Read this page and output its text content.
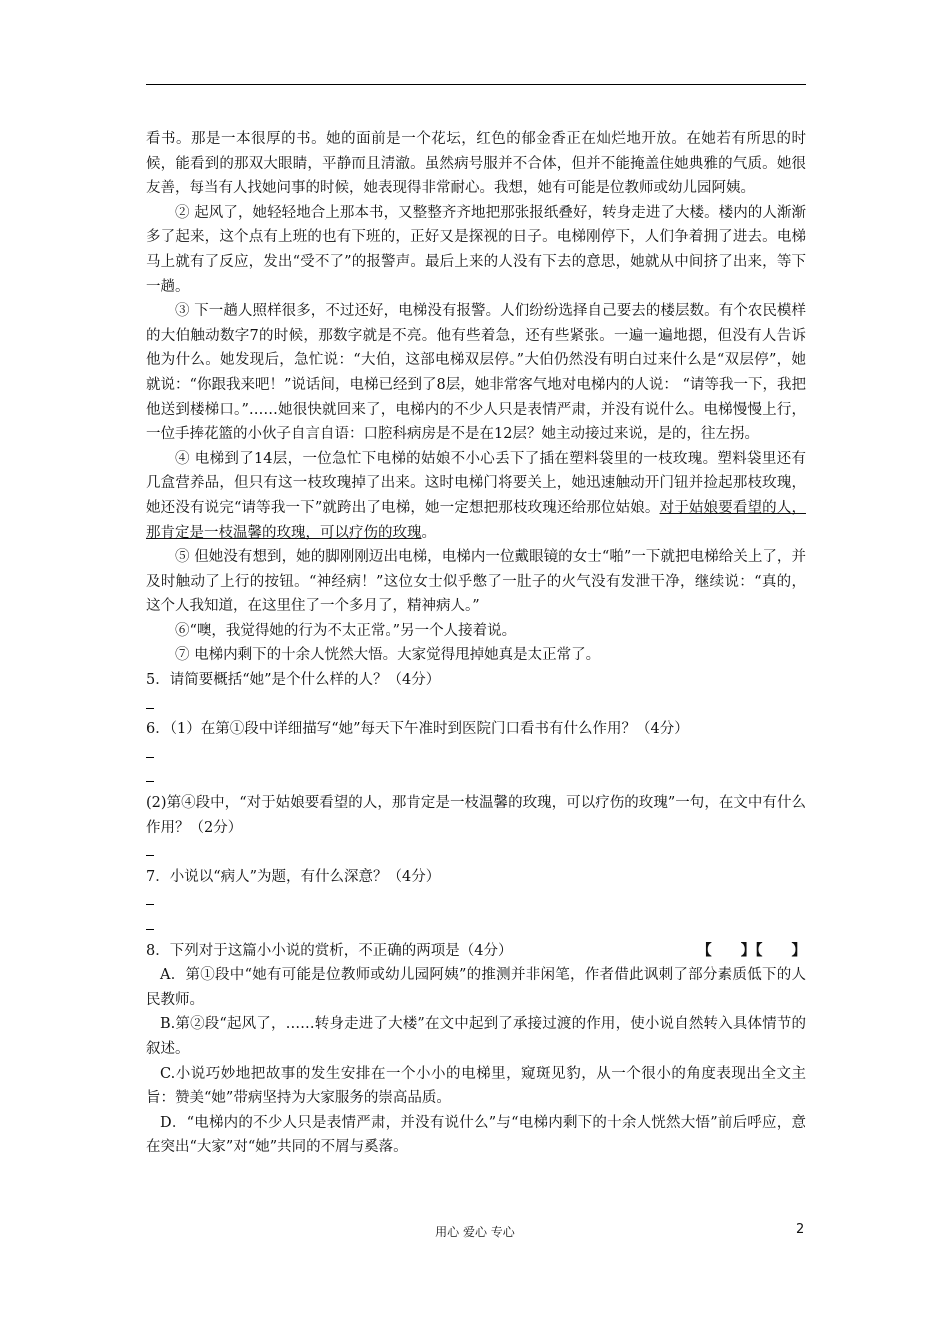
看书。那是一本很厚的书。她的面前是一个花坛，红色的郁金香正在灿烂地开放。在她若有所思的时候，能看到的那双大眼睛，平静而且清澈。虽然病号服并不合体，但并不能掩盖住她典雅的气质。她很友善，每当有人找她问事的时候，她表现得非常耐心。我想，她有可能是位教师或幼儿园阿姨。

② 起风了，她轻轻地合上那本书，又整整齐齐地把那张报纸叠好，转身走进了大楼。楼内的人渐渐多了起来，这个点有上班的也有下班的，正好又是探视的日子。电梯刚停下，人们争着拥了进去。电梯马上就有了反应，发出“受不了”的报警声。最后上来的人没有下去的意思，她就从中间挤了出来，等下一趟。

③ 下一趟人照样很多，不过还好，电梯没有报警。人们纷纷选择自己要去的楼层数。有个农民模样的大伯触动数字7的时候，那数字就是不亮。他有些着急，还有些紧张。一遍一遍地摁，但没有人告诉他为什么。她发现后，急忙说：“大伯，这部电梯双层停。”大伯仍然没有明白过来什么是“双层停”，她就说：“你跟我来吧！”说话间，电梯已经到了8层，她非常客气地对电梯内的人说： “请等我一下，我把他送到楼梯口。”……她很快就回来了，电梯内的不少人只是表情严肃，并没有说什么。电梯慢慢上行，一位手捧花篮的小伙子自言自语：口腔科病房是不是在12层？她主动接过来说，是的，往左拐。

④ 电梯到了14层，一位急忙下电梯的姑娘不小心丢下了插在塑料袋里的一枝玫瑰。塑料袋里还有几盒营养品，但只有这一枝玫瑰掉了出来。这时电梯门将要关上，她迅速触动开门钮并捡起那枝玫瑰，她还没有说完“请等我一下”就跨出了电梯，她一定想把那枝玫瑰还给那位姑娘。对于姑娘要看望的人，那肯定是一枝温馨的玫瑰，可以疗伤的玫瑰。

⑤ 但她没有想到，她的脚刚刚迈出电梯，电梯内一位戴眼镜的女士“啪”一下就把电梯给关上了，并及时触动了上行的按钮。“神经病！”这位女士似乎憋了一肚子的火气没有发泄干净，继续说：“真的，这个人我知道，在这里住了一个多月了，精神病人。”

⑥“噢，我觉得她的行为不太正常。”另一个人接着说。

⑦ 电梯内剩下的十余人恍然大悟。大家觉得甩掉她真是太正常了。

5．请简要概括“她”是个什么样的人？（4分）

6．（1）在第①段中详细描写“她”每天下午准时到医院门口看书有什么作用？（4分）

(2)第④段中，“对于姑娘要看望的人，那肯定是一枝温馨的玫瑰，可以疗伤的玫瑰”一句，在文中有什么作用？（2分）

7．小说以“病人”为题，有什么深意？（4分）

8．下列对于这篇小小说的赏析，不正确的两项是（4分）	【　　】【　　】

A．第①段中“她有可能是位教师或幼儿园阿姨”的推测并非闲笔，作者借此讽刺了部分素质低下的人民教师。

B.第②段“起风了，……转身走进了大楼”在文中起到了承接过渡的作用，使小说自然转入具体情节的叙述。

C.小说巧妙地把故事的发生安排在一个小小的电梯里，窥斑见豹，从一个很小的角度表现出全文主旨：赞美“她”带病坚持为大家服务的崇高品质。

D．“电梯内的不少人只是表情严肃，并没有说什么”与“电梯内剩下的十余人恍然大悟”前后呼应，意在突出“大家”对“她”共同的不屑与奚落。

用心 爱心 专心	2
